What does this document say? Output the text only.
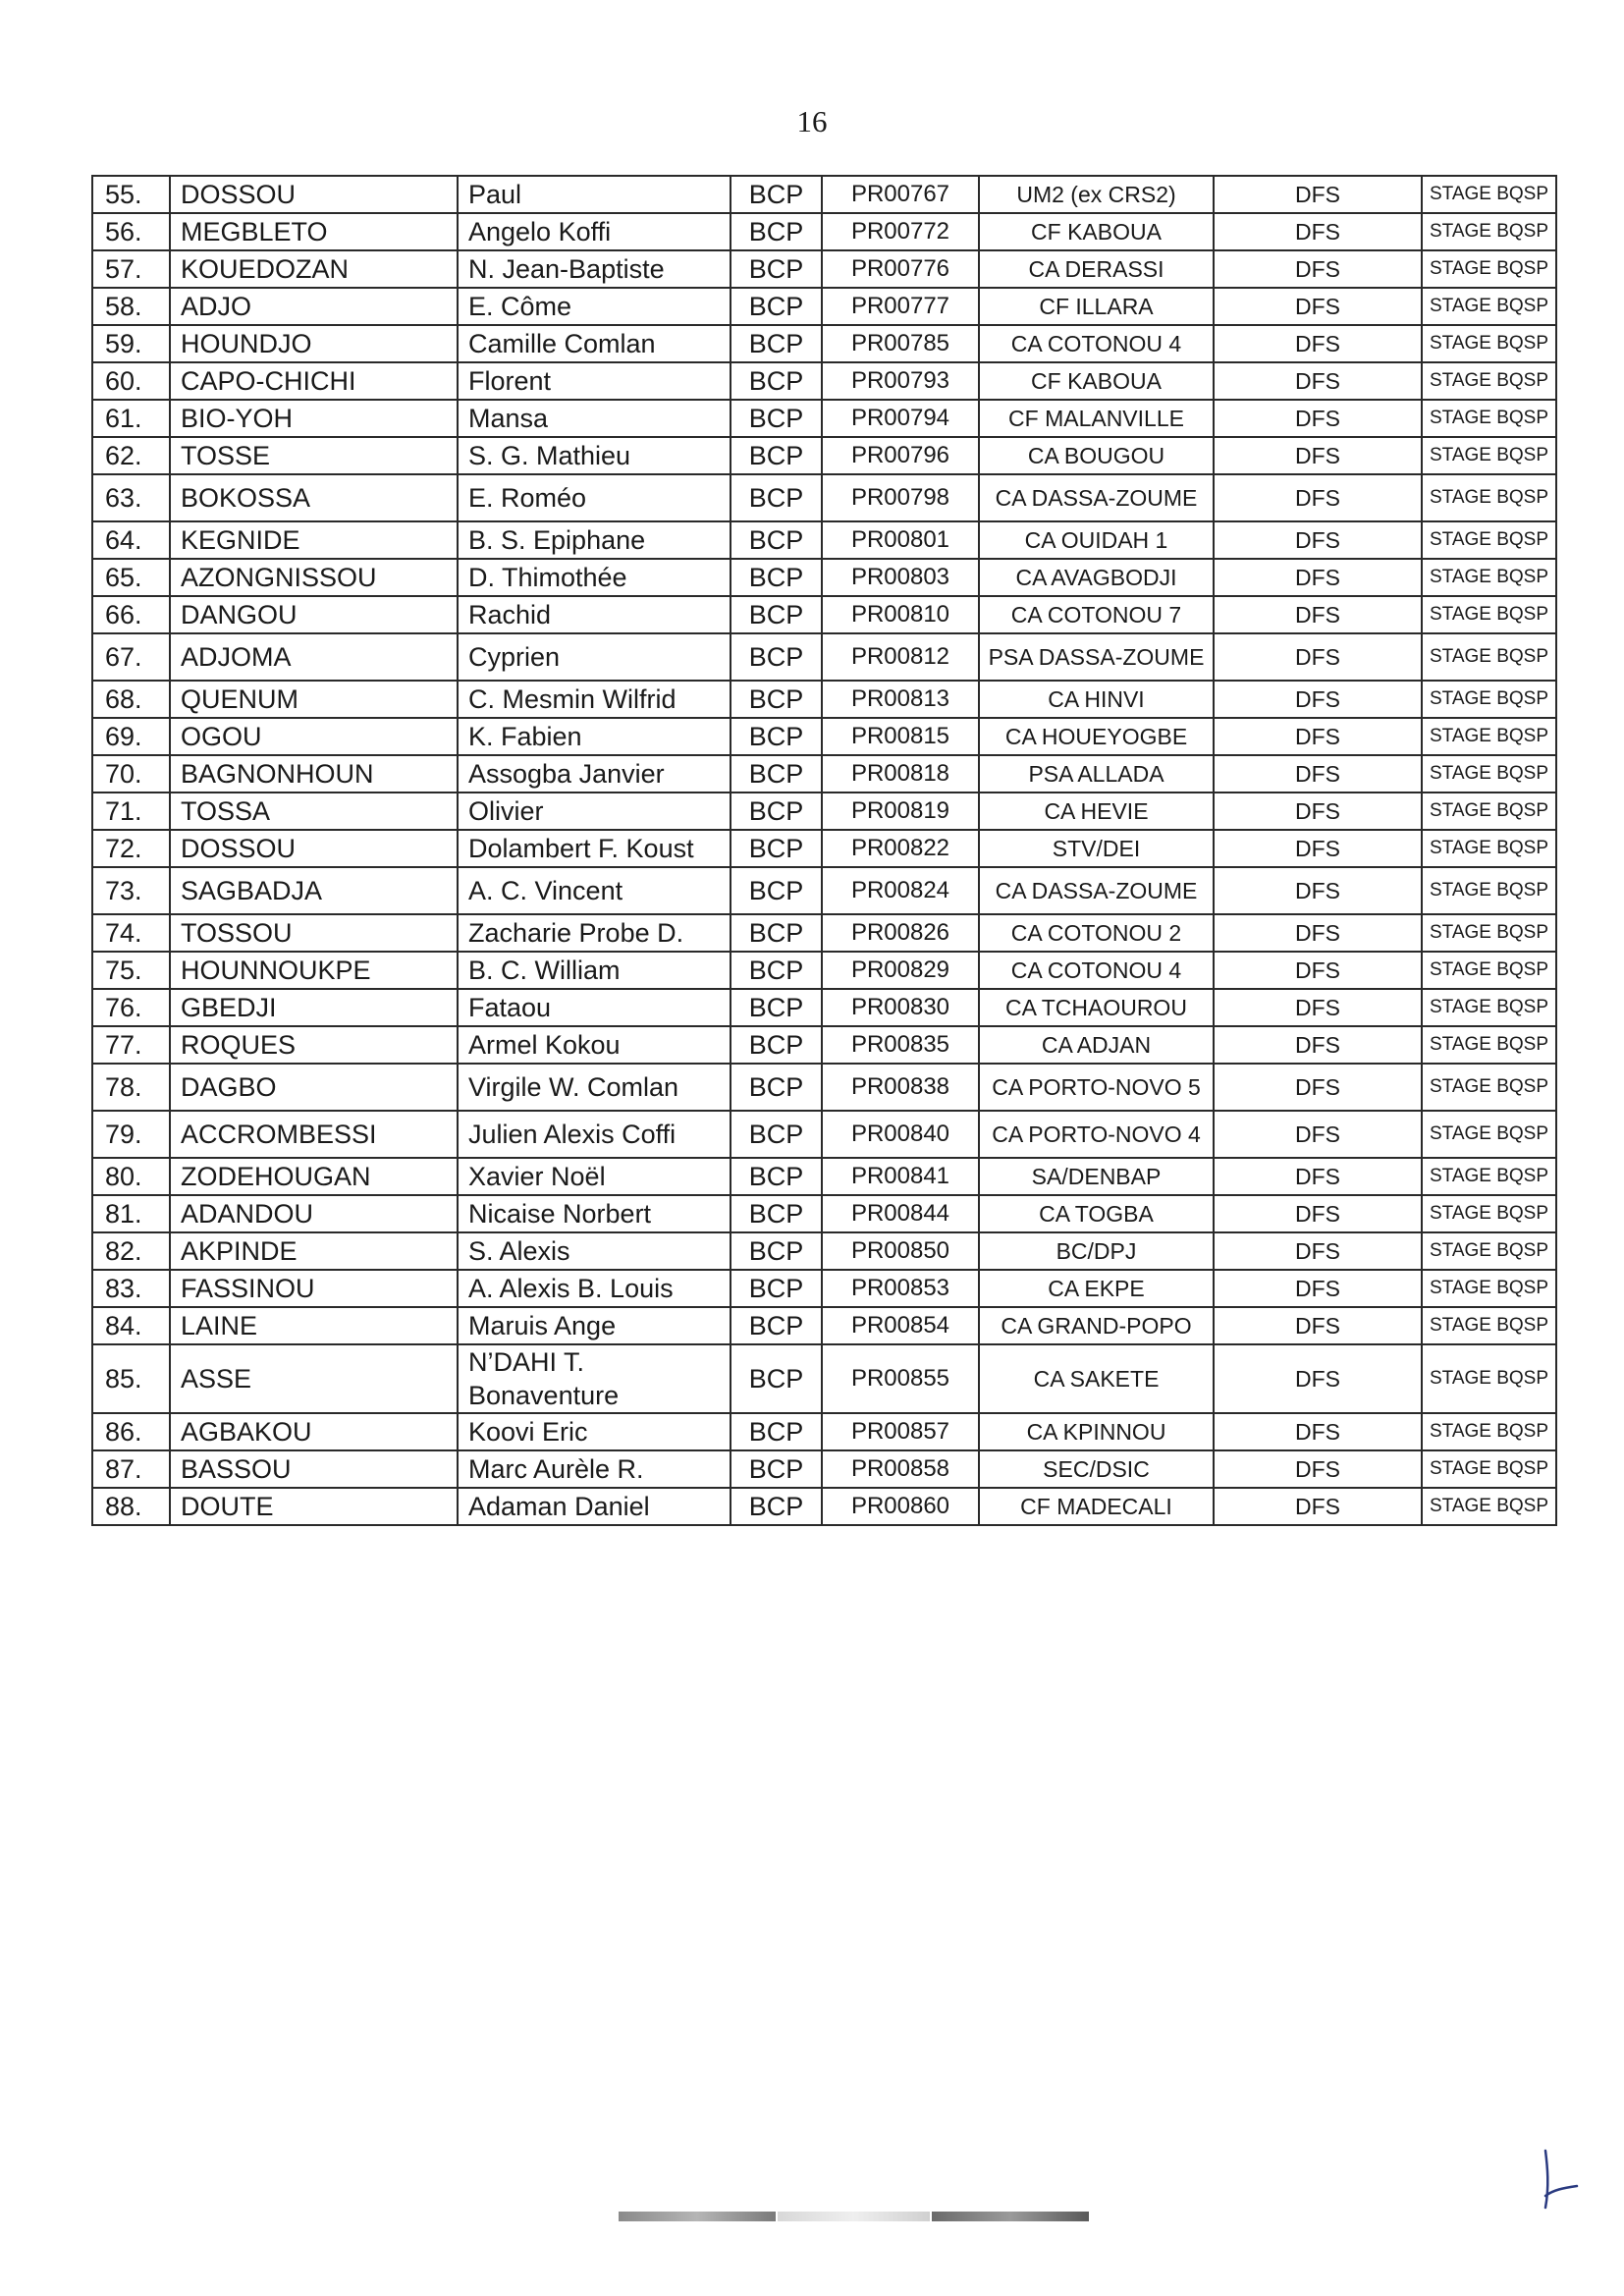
16
55.	DOSSOU	Paul	BCP	PR00767	UM2 (ex CRS2)	DFS	STAGE BQSP
56.	MEGBLETO	Angelo Koffi	BCP	PR00772	CF KABOUA	DFS	STAGE BQSP
57.	KOUEDOZAN	N. Jean-Baptiste	BCP	PR00776	CA DERASSI	DFS	STAGE BQSP
58.	ADJO	E. Côme	BCP	PR00777	CF ILLARA	DFS	STAGE BQSP
59.	HOUNDJO	Camille Comlan	BCP	PR00785	CA COTONOU 4	DFS	STAGE BQSP
60.	CAPO-CHICHI	Florent	BCP	PR00793	CF KABOUA	DFS	STAGE BQSP
61.	BIO-YOH	Mansa	BCP	PR00794	CF MALANVILLE	DFS	STAGE BQSP
62.	TOSSE	S. G. Mathieu	BCP	PR00796	CA BOUGOU	DFS	STAGE BQSP
63.	BOKOSSA	E. Roméo	BCP	PR00798	CA DASSA-ZOUME	DFS	STAGE BQSP
64.	KEGNIDE	B. S. Epiphane	BCP	PR00801	CA OUIDAH 1	DFS	STAGE BQSP
65.	AZONGNISSOU	D. Thimothée	BCP	PR00803	CA AVAGBODJI	DFS	STAGE BQSP
66.	DANGOU	Rachid	BCP	PR00810	CA COTONOU 7	DFS	STAGE BQSP
67.	ADJOMA	Cyprien	BCP	PR00812	PSA DASSA-ZOUME	DFS	STAGE BQSP
68.	QUENUM	C. Mesmin Wilfrid	BCP	PR00813	CA HINVI	DFS	STAGE BQSP
69.	OGOU	K. Fabien	BCP	PR00815	CA HOUEYOGBE	DFS	STAGE BQSP
70.	BAGNONHOUN	Assogba Janvier	BCP	PR00818	PSA ALLADA	DFS	STAGE BQSP
71.	TOSSA	Olivier	BCP	PR00819	CA HEVIE	DFS	STAGE BQSP
72.	DOSSOU	Dolambert F. Koust	BCP	PR00822	STV/DEI	DFS	STAGE BQSP
73.	SAGBADJA	A. C. Vincent	BCP	PR00824	CA DASSA-ZOUME	DFS	STAGE BQSP
74.	TOSSOU	Zacharie Probe D.	BCP	PR00826	CA COTONOU 2	DFS	STAGE BQSP
75.	HOUNNOUKPE	B. C. William	BCP	PR00829	CA COTONOU 4	DFS	STAGE BQSP
76.	GBEDJI	Fataou	BCP	PR00830	CA TCHAOUROU	DFS	STAGE BQSP
77.	ROQUES	Armel Kokou	BCP	PR00835	CA ADJAN	DFS	STAGE BQSP
78.	DAGBO	Virgile W. Comlan	BCP	PR00838	CA PORTO-NOVO 5	DFS	STAGE BQSP
79.	ACCROMBESSI	Julien Alexis Coffi	BCP	PR00840	CA PORTO-NOVO 4	DFS	STAGE BQSP
80.	ZODEHOUGAN	Xavier Noël	BCP	PR00841	SA/DENBAP	DFS	STAGE BQSP
81.	ADANDOU	Nicaise Norbert	BCP	PR00844	CA TOGBA	DFS	STAGE BQSP
82.	AKPINDE	S. Alexis	BCP	PR00850	BC/DPJ	DFS	STAGE BQSP
83.	FASSINOU	A. Alexis B. Louis	BCP	PR00853	CA EKPE	DFS	STAGE BQSP
84.	LAINE	Maruis Ange	BCP	PR00854	CA GRAND-POPO	DFS	STAGE BQSP
85.	ASSE	N’DAHI T. Bonaventure	BCP	PR00855	CA SAKETE	DFS	STAGE BQSP
86.	AGBAKOU	Koovi Eric	BCP	PR00857	CA KPINNOU	DFS	STAGE BQSP
87.	BASSOU	Marc Aurèle R.	BCP	PR00858	SEC/DSIC	DFS	STAGE BQSP
88.	DOUTE	Adaman Daniel	BCP	PR00860	CF MADECALI	DFS	STAGE BQSP
